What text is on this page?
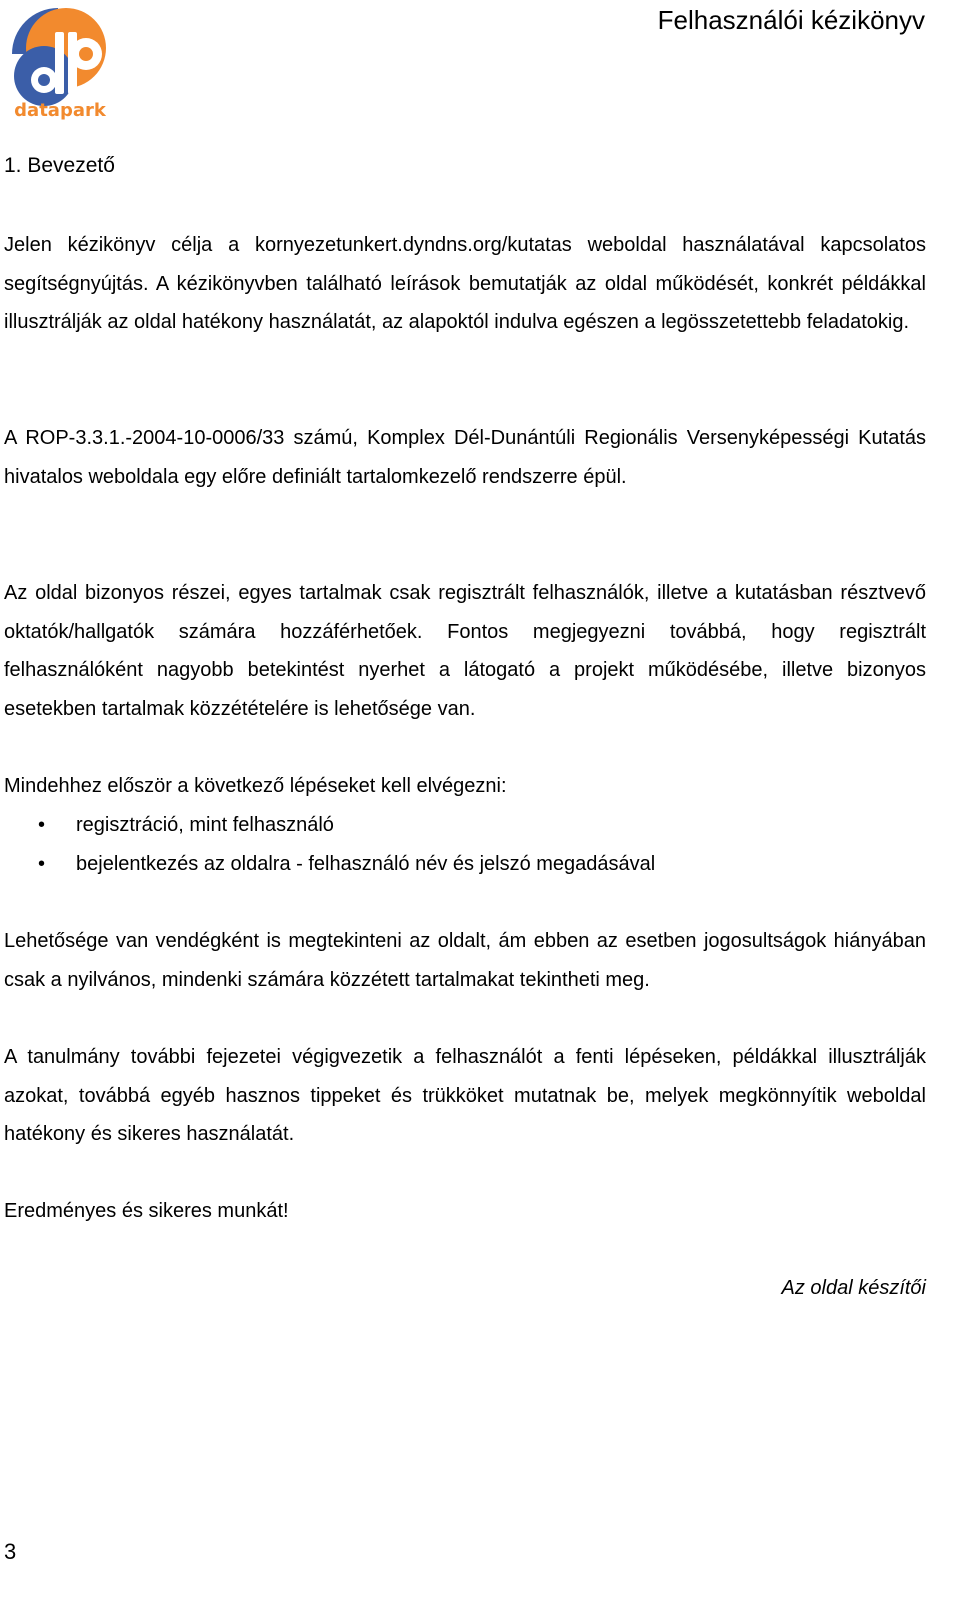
datapark
Felhasználói kézikönyv
1. Bevezető

Jelen kézikönyv célja a kornyezetunkert.dyndns.org/kutatas weboldal használatával kapcsolatos segítségnyújtás. A kézikönyvben található leírások bemutatják az oldal működését, konkrét példákkal illusztrálják az oldal hatékony használatát, az alapoktól indulva egészen a legösszetettebb feladatokig.

A ROP-3.3.1.-2004-10-0006/33 számú, Komplex Dél-Dunántúli Regionális Versenyképességi Kutatás hivatalos weboldala egy előre definiált tartalomkezelő rendszerre épül.

Az oldal bizonyos részei, egyes tartalmak csak regisztrált felhasználók, illetve a kutatásban résztvevő oktatók/hallgatók számára hozzáférhetőek. Fontos megjegyezni továbbá, hogy regisztrált felhasználóként nagyobb betekintést nyerhet a látogató a projekt működésébe, illetve bizonyos esetekben tartalmak közzétételére is lehetősége van.

Mindehhez először a következő lépéseket kell elvégezni:

• regisztráció, mint felhasználó
• bejelentkezés az oldalra - felhasználó név és jelszó megadásával

Lehetősége van vendégként is megtekinteni az oldalt, ám ebben az esetben jogosultságok hiányában csak a nyilvános, mindenki számára közzétett tartalmakat tekintheti meg.

A tanulmány további fejezetei végigvezetik a felhasználót a fenti lépéseken, példákkal illusztrálják azokat, továbbá egyéb hasznos tippeket és trükköket mutatnak be, melyek megkönnyítik weboldal hatékony és sikeres használatát.

Eredményes és sikeres munkát!

Az oldal készítői
3
